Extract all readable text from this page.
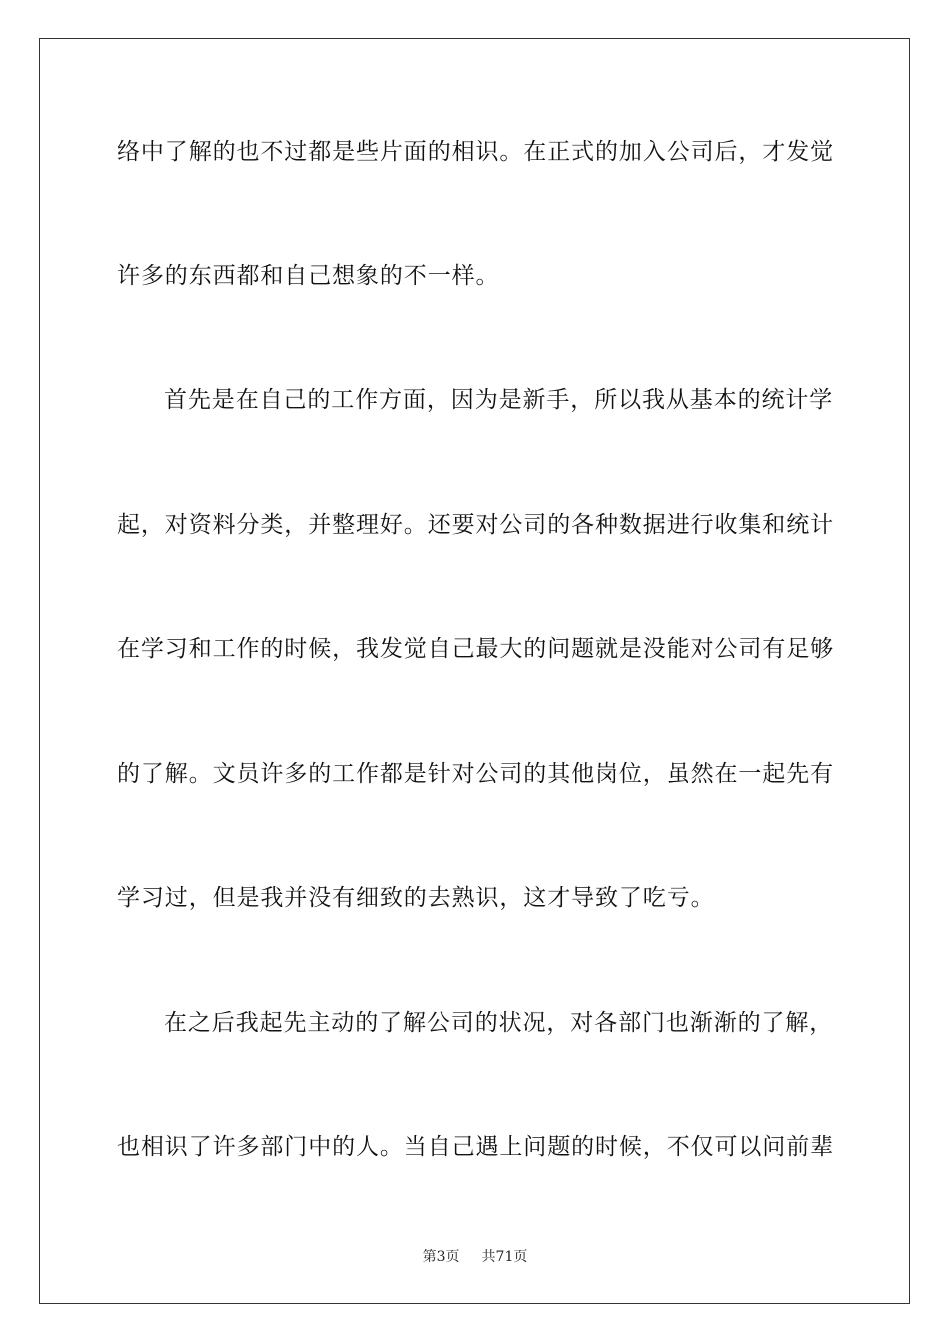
络中了解的也不过都是些片面的相识。在正式的加入公司后，才发觉
许多的东西都和自己想象的不一样。
首先是在自己的工作方面，因为是新手，所以我从基本的统计学
起，对资料分类，并整理好。还要对公司的各种数据进行收集和统计
在学习和工作的时候，我发觉自己最大的问题就是没能对公司有足够
的了解。文员许多的工作都是针对公司的其他岗位，虽然在一起先有
学习过，但是我并没有细致的去熟识，这才导致了吃亏。
在之后我起先主动的了解公司的状况，对各部门也渐渐的了解，
也相识了许多部门中的人。当自己遇上问题的时候，不仅可以问前辈
第3页 共71页
